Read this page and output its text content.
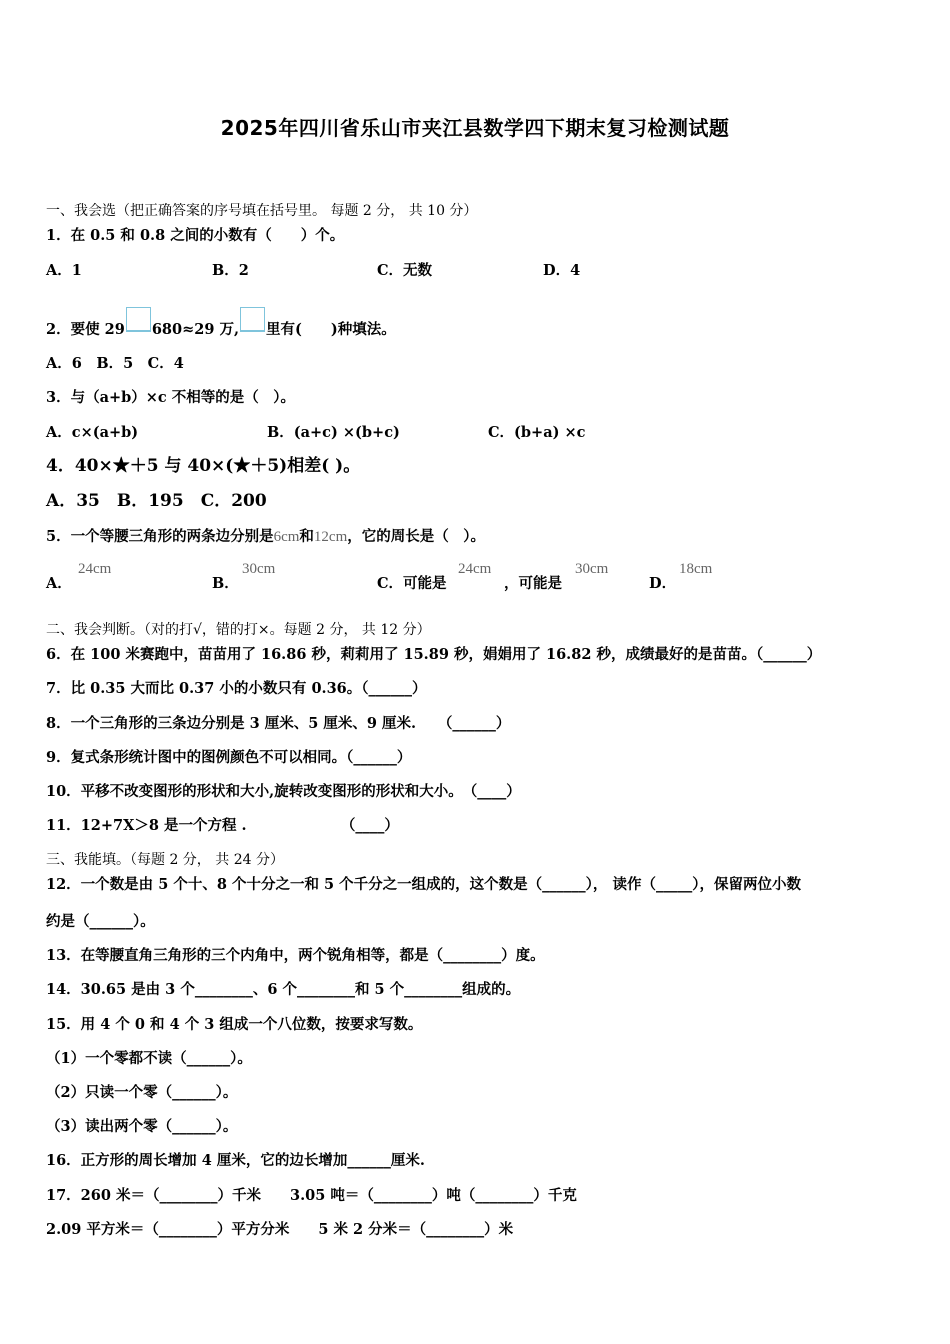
2025年四川省乐山市夹江县数学四下期末复习检测试题
一、我会选（把正确答案的序号填在括号里。 每题 2 分， 共 10 分）
1．在 0.5 和 0.8 之间的小数有（　　）个。
A．1	B．2	C．无数	D．4
2．要使 29 680≈29 万, 里有(　　)种填法。
A．6　B．5　C．4
3．与（a+b）×c 不相等的是（　）。
A．c×(a+b)	B．(a+c) ×(b+c)	C．(b+a) ×c
4．40×★＋5 与 40×(★＋5)相差( )。
A．35　B．195　C．200
5．一个等腰三角形的两条边分别是6cm和12cm，它的周长是（　）。
A．
24cm
B．
30cm
C．可能是
24cm
，可能是
30cm
D．
18cm
二、我会判断。（对的打√，错的打×。每题 2 分， 共 12 分）
6．在 100 米赛跑中，苗苗用了 16.86 秒，莉莉用了 15.89 秒，娟娟用了 16.82 秒，成绩最好的是苗苗。（______）
7．比 0.35 大而比 0.37 小的小数只有 0.36。（______）
8．一个三角形的三条边分别是 3 厘米、5 厘米、9 厘米.　　（______）
9．复式条形统计图中的图例颜色不可以相同。（______）
10．平移不改变图形的形状和大小,旋转改变图形的形状和大小。　（____）
11．12+7X＞8 是一个方程 .　　　　　　　（____）
三、我能填。（每题 2 分， 共 24 分）
12．一个数是由 5 个十、8 个十分之一和 5 个千分之一组成的，这个数是（______）， 读作（_____），保留两位小数
约是（______）。
13．在等腰直角三角形的三个内角中，两个锐角相等，都是（________）度。
14．30.65 是由 3 个________、6 个________和 5 个________组成的。
15．用 4 个 0 和 4 个 3 组成一个八位数，按要求写数。
（1）一个零都不读（______）。
（2）只读一个零（______）。
（3）读出两个零（______）。
16．正方形的周长增加 4 厘米，它的边长增加______厘米.
17．260 米＝（________）千米　　3.05 吨＝（________）吨（________）千克
2.09 平方米＝（________）平方分米　　5 米 2 分米＝（________）米
